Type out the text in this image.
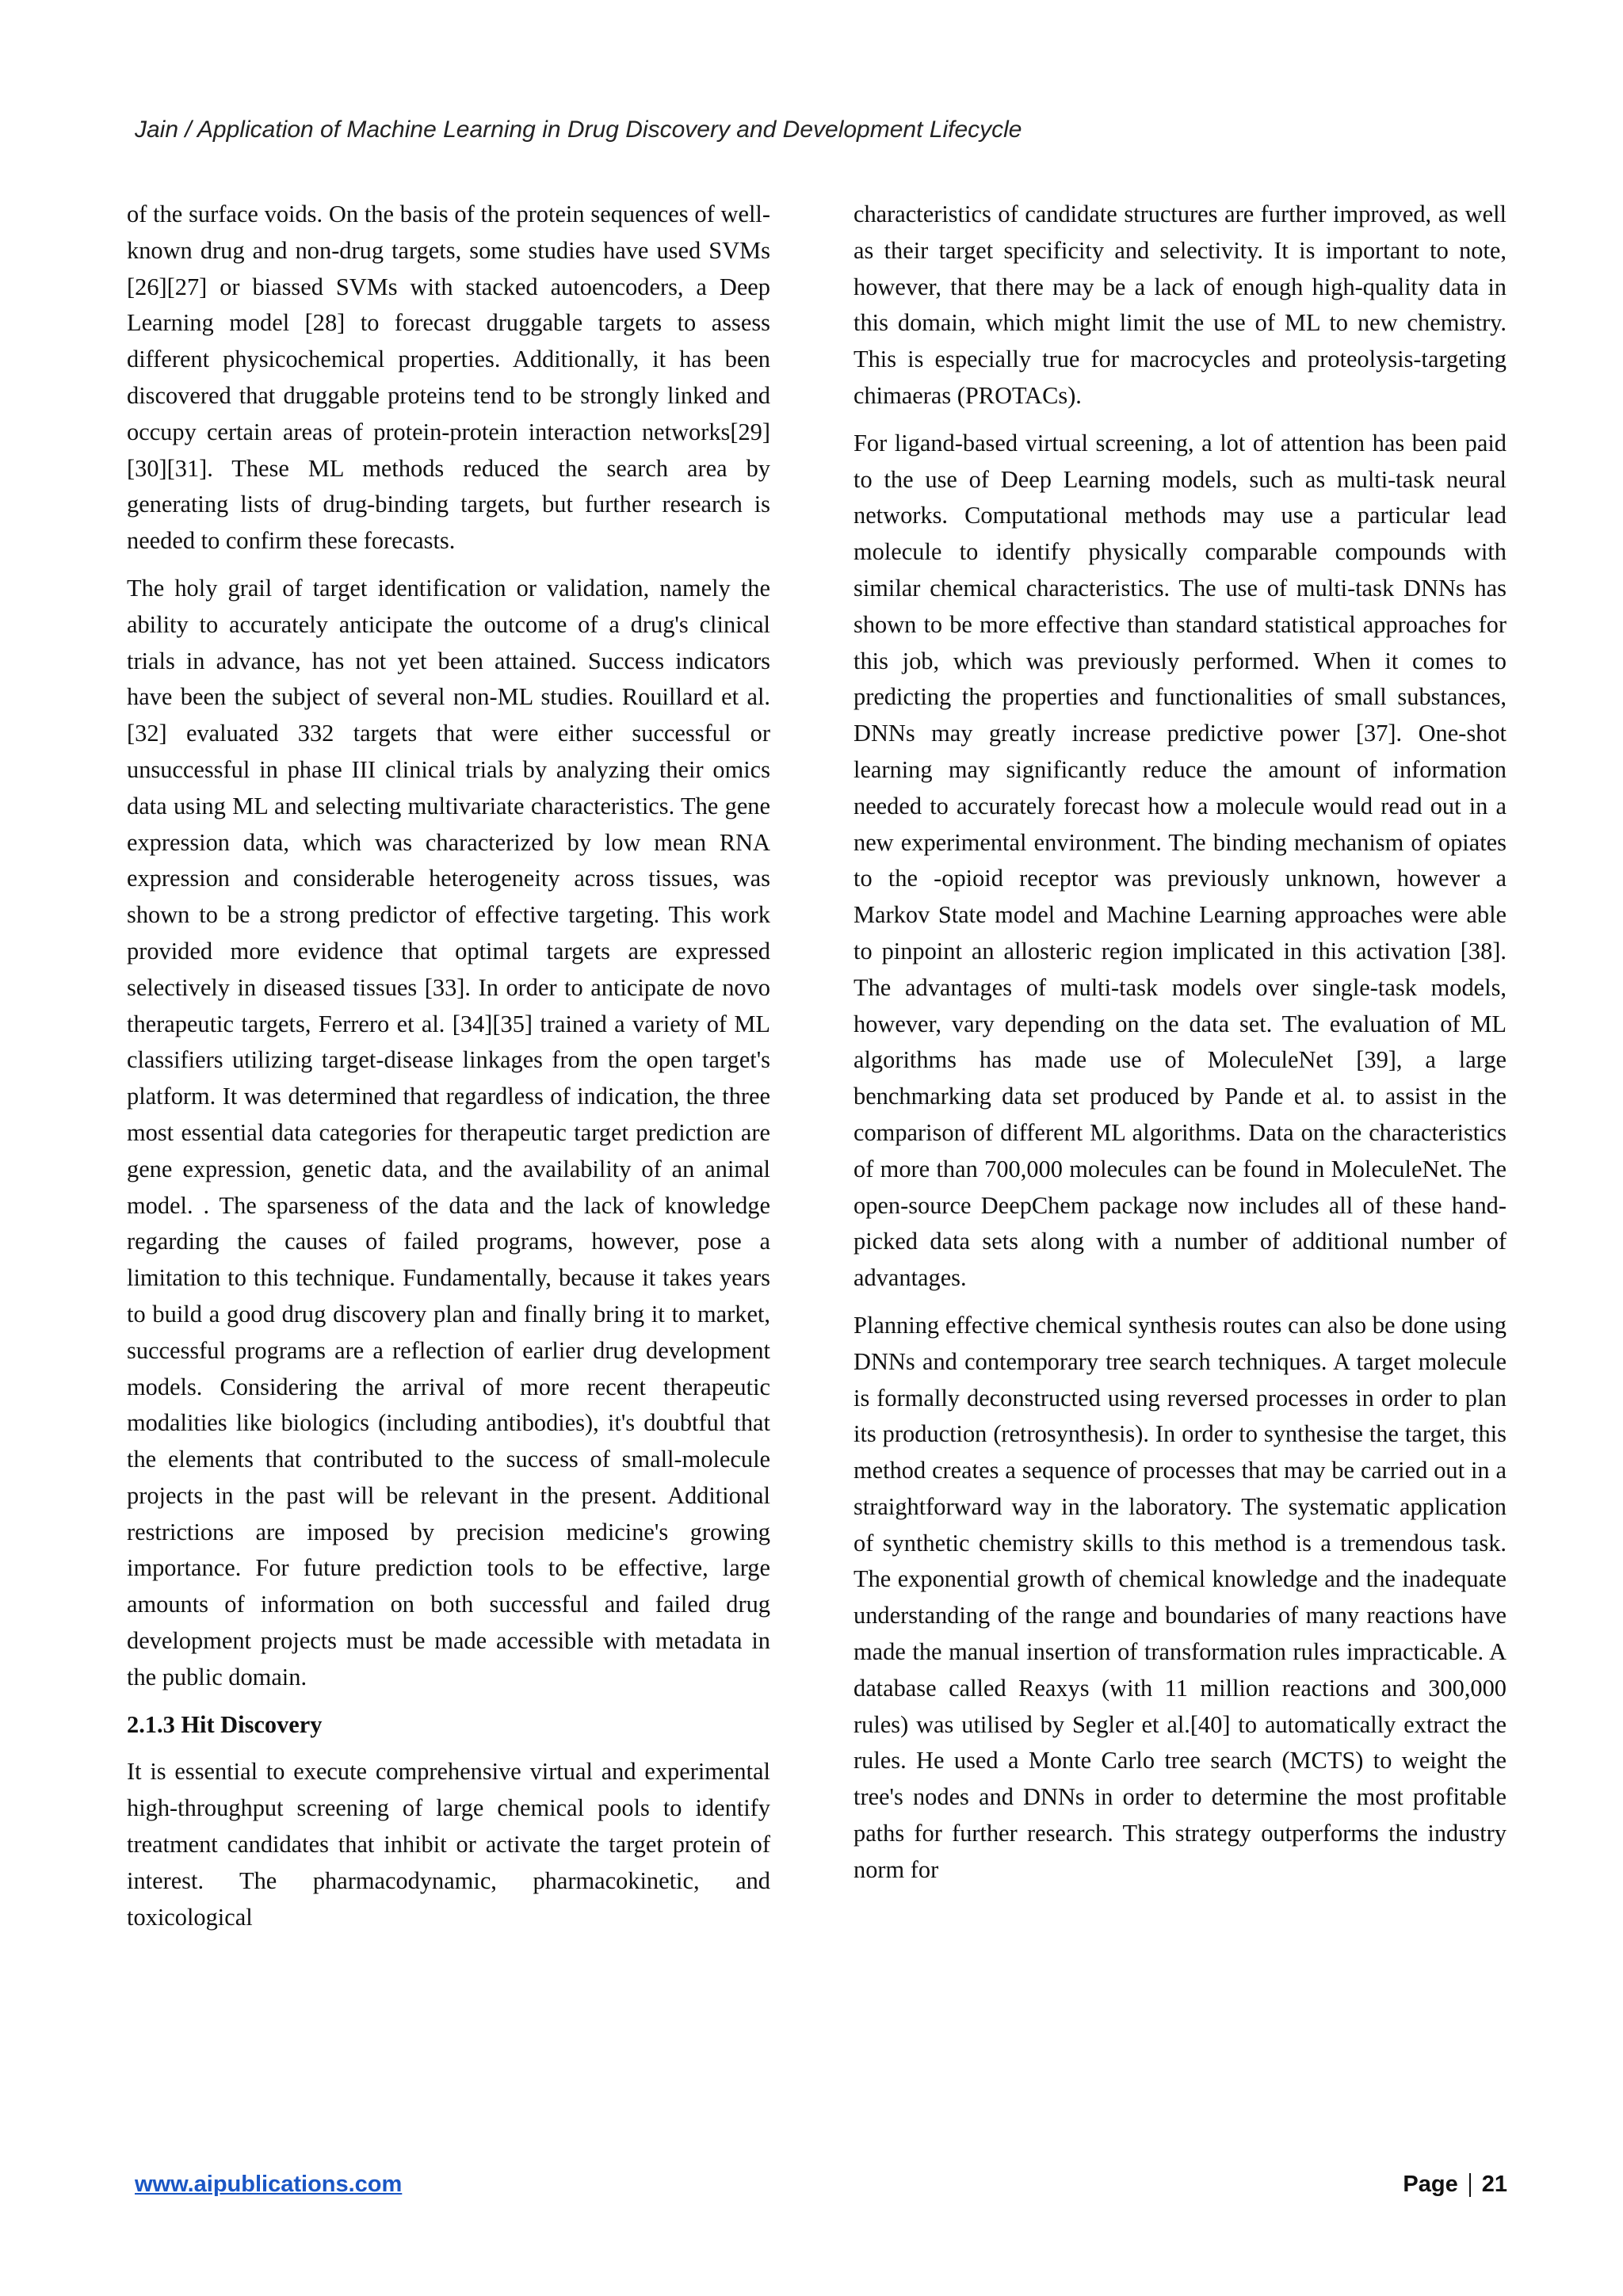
Jain / Application of Machine Learning in Drug Discovery and Development Lifecycle

of the surface voids. On the basis of the protein sequences of well-known drug and non-drug targets, some studies have used SVMs [26][27] or biassed SVMs with stacked autoencoders, a Deep Learning model [28] to forecast druggable targets to assess different physicochemical properties. Additionally, it has been discovered that druggable proteins tend to be strongly linked and occupy certain areas of protein-protein interaction networks[29][30][31]. These ML methods reduced the search area by generating lists of drug-binding targets, but further research is needed to confirm these forecasts.

The holy grail of target identification or validation, namely the ability to accurately anticipate the outcome of a drug's clinical trials in advance, has not yet been attained. Success indicators have been the subject of several non-ML studies. Rouillard et al.[32] evaluated 332 targets that were either successful or unsuccessful in phase III clinical trials by analyzing their omics data using ML and selecting multivariate characteristics. The gene expression data, which was characterized by low mean RNA expression and considerable heterogeneity across tissues, was shown to be a strong predictor of effective targeting. This work provided more evidence that optimal targets are expressed selectively in diseased tissues [33]. In order to anticipate de novo therapeutic targets, Ferrero et al. [34][35] trained a variety of ML classifiers utilizing target-disease linkages from the open target's platform. It was determined that regardless of indication, the three most essential data categories for therapeutic target prediction are gene expression, genetic data, and the availability of an animal model. . The sparseness of the data and the lack of knowledge regarding the causes of failed programs, however, pose a limitation to this technique. Fundamentally, because it takes years to build a good drug discovery plan and finally bring it to market, successful programs are a reflection of earlier drug development models. Considering the arrival of more recent therapeutic modalities like biologics (including antibodies), it's doubtful that the elements that contributed to the success of small-molecule projects in the past will be relevant in the present. Additional restrictions are imposed by precision medicine's growing importance. For future prediction tools to be effective, large amounts of information on both successful and failed drug development projects must be made accessible with metadata in the public domain.

2.1.3 Hit Discovery

It is essential to execute comprehensive virtual and experimental high-throughput screening of large chemical pools to identify treatment candidates that inhibit or activate the target protein of interest. The pharmacodynamic, pharmacokinetic, and toxicological

characteristics of candidate structures are further improved, as well as their target specificity and selectivity. It is important to note, however, that there may be a lack of enough high-quality data in this domain, which might limit the use of ML to new chemistry. This is especially true for macrocycles and proteolysis-targeting chimaeras (PROTACs).

For ligand-based virtual screening, a lot of attention has been paid to the use of Deep Learning models, such as multi-task neural networks. Computational methods may use a particular lead molecule to identify physically comparable compounds with similar chemical characteristics. The use of multi-task DNNs has shown to be more effective than standard statistical approaches for this job, which was previously performed. When it comes to predicting the properties and functionalities of small substances, DNNs may greatly increase predictive power [37]. One-shot learning may significantly reduce the amount of information needed to accurately forecast how a molecule would read out in a new experimental environment. The binding mechanism of opiates to the -opioid receptor was previously unknown, however a Markov State model and Machine Learning approaches were able to pinpoint an allosteric region implicated in this activation [38]. The advantages of multi-task models over single-task models, however, vary depending on the data set. The evaluation of ML algorithms has made use of MoleculeNet [39], a large benchmarking data set produced by Pande et al. to assist in the comparison of different ML algorithms. Data on the characteristics of more than 700,000 molecules can be found in MoleculeNet. The open-source DeepChem package now includes all of these hand-picked data sets along with a number of additional number of advantages.

Planning effective chemical synthesis routes can also be done using DNNs and contemporary tree search techniques. A target molecule is formally deconstructed using reversed processes in order to plan its production (retrosynthesis). In order to synthesise the target, this method creates a sequence of processes that may be carried out in a straightforward way in the laboratory. The systematic application of synthetic chemistry skills to this method is a tremendous task. The exponential growth of chemical knowledge and the inadequate understanding of the range and boundaries of many reactions have made the manual insertion of transformation rules impracticable. A database called Reaxys (with 11 million reactions and 300,000 rules) was utilised by Segler et al.[40] to automatically extract the rules. He used a Monte Carlo tree search (MCTS) to weight the tree's nodes and DNNs in order to determine the most profitable paths for further research. This strategy outperforms the industry norm for

www.aipublications.com	Page 21
